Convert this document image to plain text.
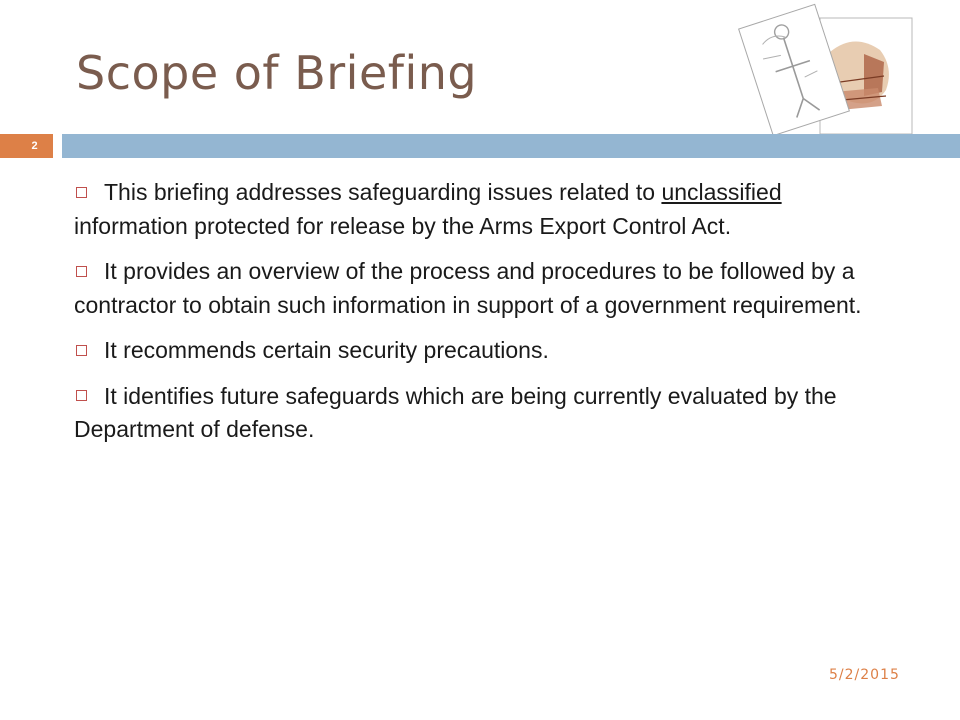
Scope of Briefing
2

This briefing addresses safeguarding issues related to unclassified information protected for release by the Arms Export Control Act.

It provides an overview of the process and procedures to be followed by a contractor to obtain such information in support of a government requirement.

It recommends certain security precautions.

It identifies future safeguards which are being currently evaluated by the Department of defense.

5/2/2015
